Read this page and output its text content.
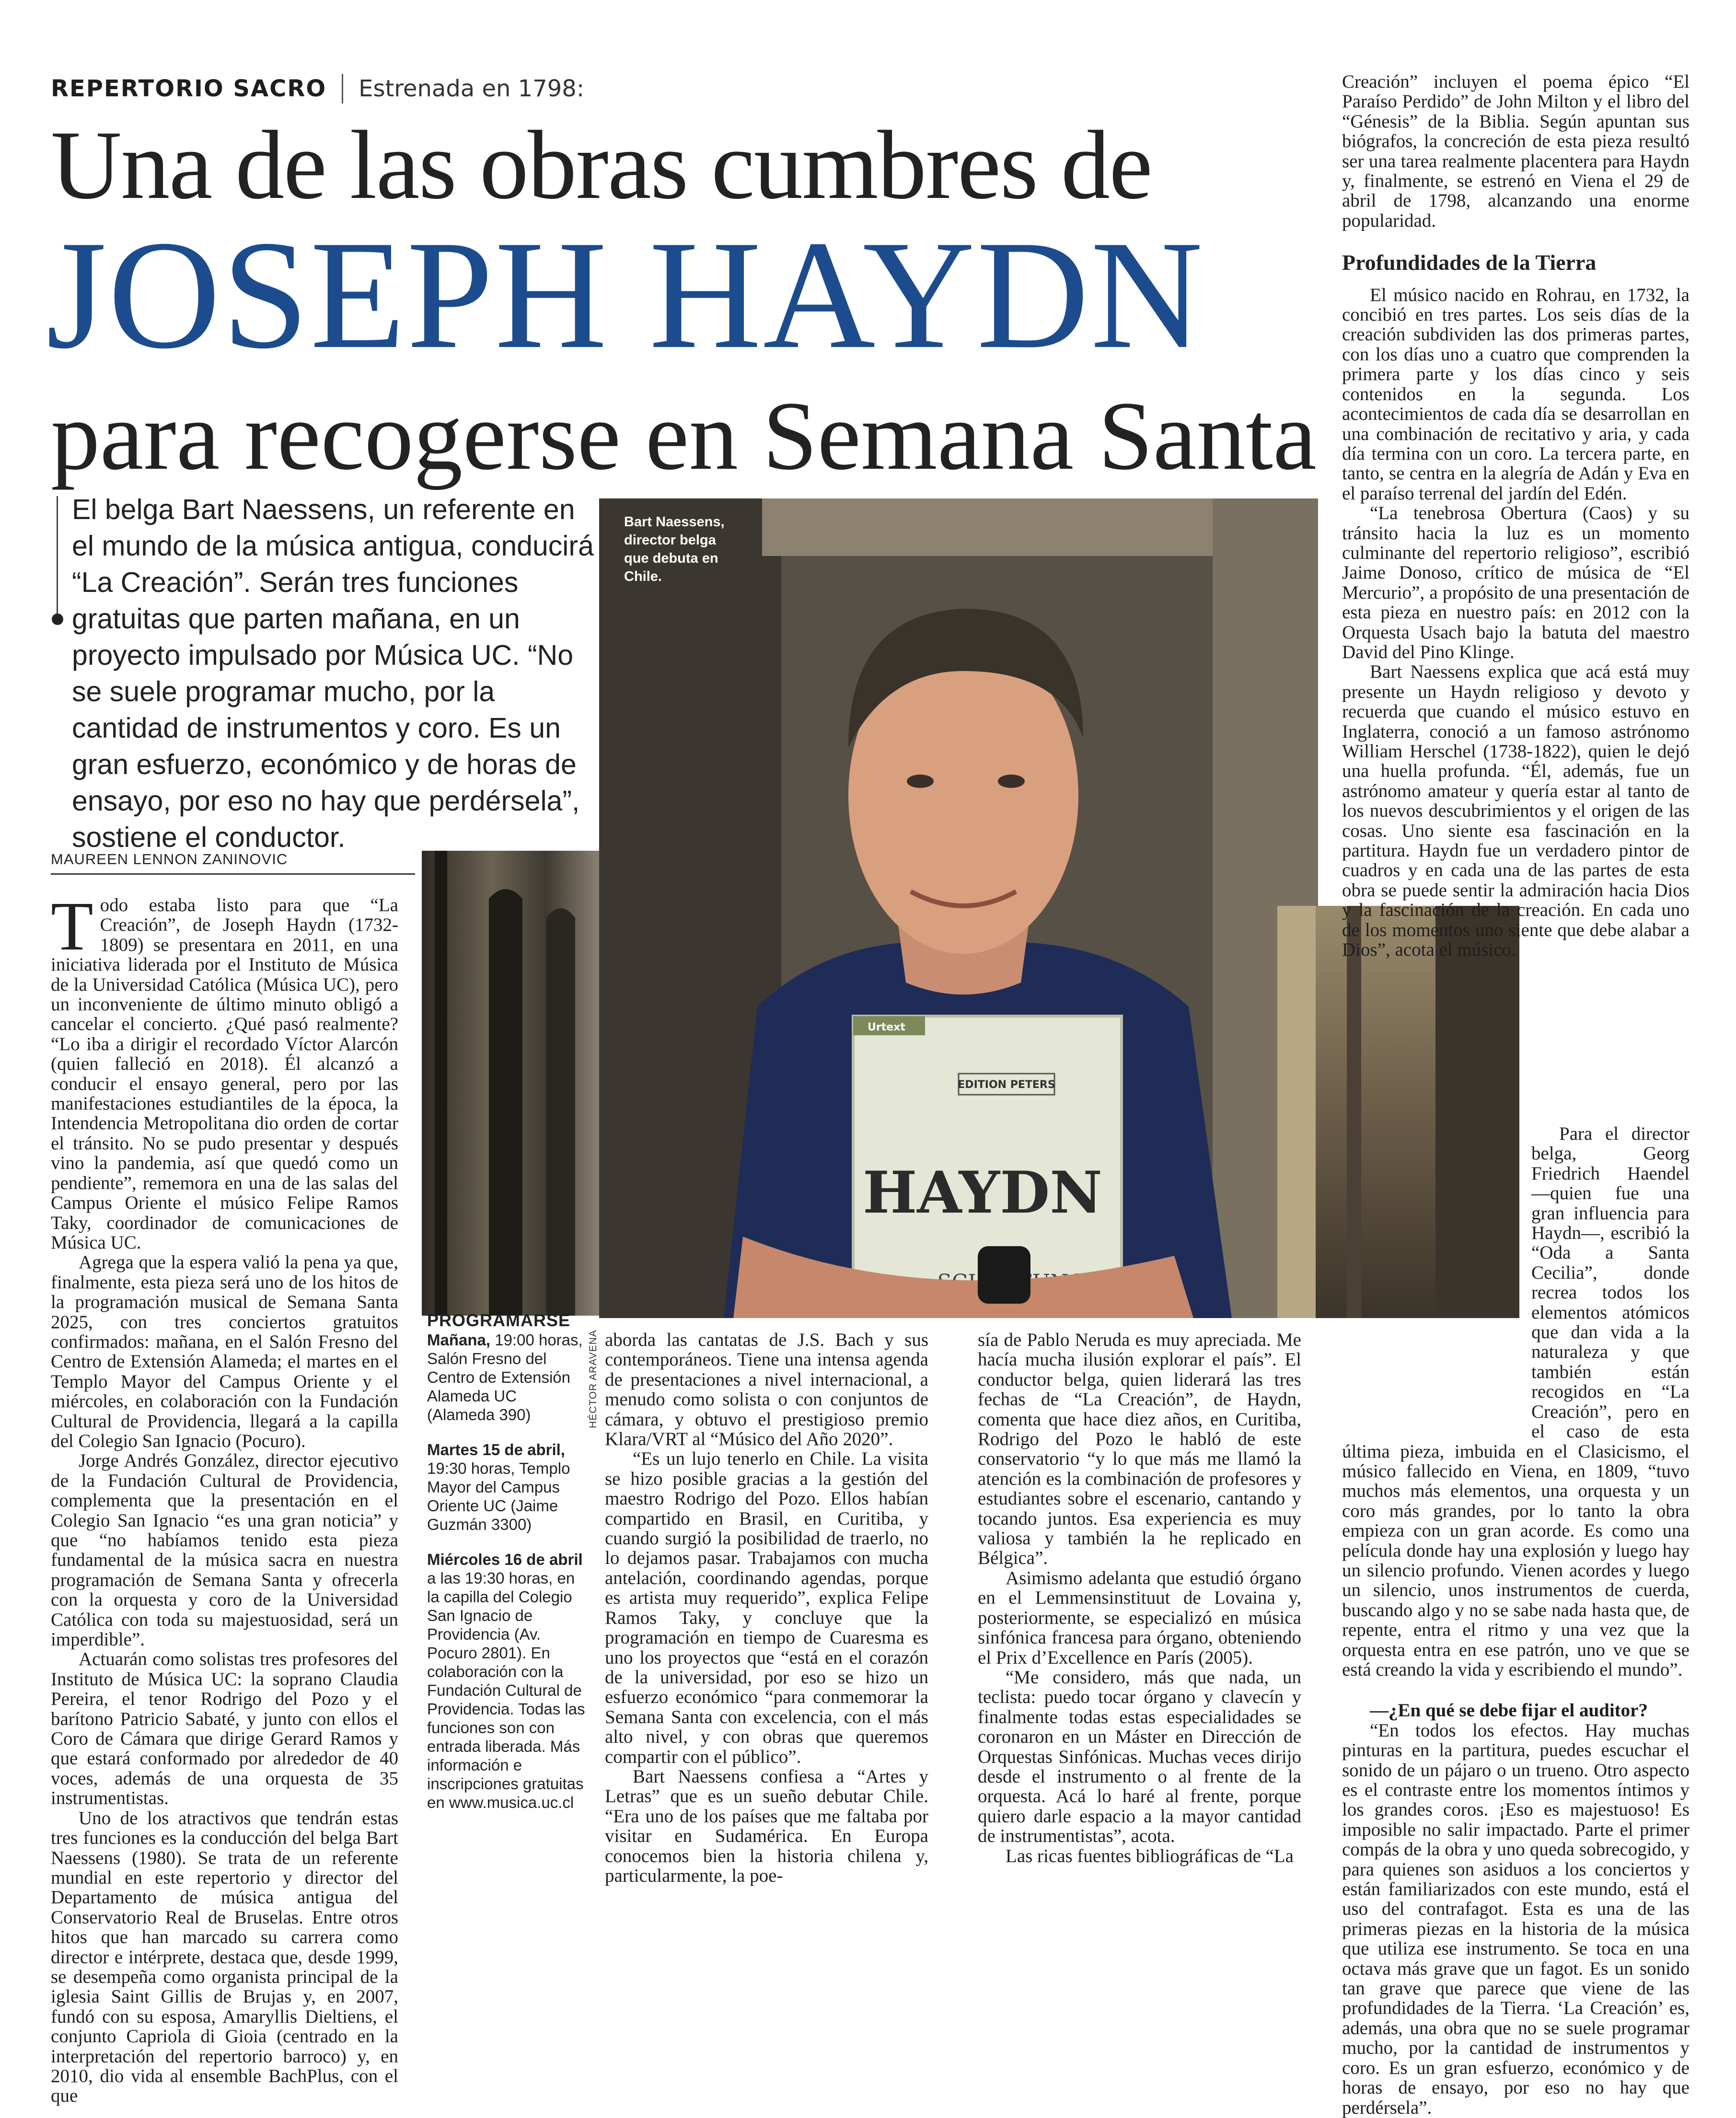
REPERTORIO SACRO Estrenada en 1798:
Una de las obras cumbres de
JOSEPH HAYDN
para recogerse en Semana Santa
El belga Bart Naessens, un referente en el mundo de la música antigua, conducirá “La Creación”. Serán tres funciones gratuitas que parten mañana, en un proyecto impulsado por Música UC. “No se suele programar mucho, por la cantidad de instrumentos y coro. Es un gran esfuerzo, económico y de horas de ensayo, por eso no hay que perdérsela”, sostiene el conductor.
MAUREEN LENNON ZANINOVIC
Urtext
EDITION PETERS
HAYDN
Bart Naessens, director belga que debuta en Chile.
HÉCTOR ARAVENA

Todo estaba listo para que “La Creación”, de Joseph Haydn (1732-1809) se presentara en 2011, en una iniciativa liderada por el Instituto de Música de la Universidad Católica (Música UC), pero un inconveniente de último minuto obligó a cancelar el concierto. ¿Qué pasó realmente? “Lo iba a dirigir el recordado Víctor Alarcón (quien falleció en 2018). Él alcanzó a conducir el ensayo general, pero por las manifestaciones estudiantiles de la época, la Intendencia Metropolitana dio orden de cortar el tránsito. No se pudo presentar y después vino la pandemia, así que quedó como un pendiente”, rememora en una de las salas del Campus Oriente el músico Felipe Ramos Taky, coordinador de comunicaciones de Música UC.

Agrega que la espera valió la pena ya que, finalmente, esta pieza será uno de los hitos de la programación musical de Semana Santa 2025, con tres conciertos gratuitos confirmados: mañana, en el Salón Fresno del Centro de Extensión Alameda; el martes en el Templo Mayor del Campus Oriente y el miércoles, en colaboración con la Fundación Cultural de Providencia, llegará a la capilla del Colegio San Ignacio (Pocuro).

Jorge Andrés González, director ejecutivo de la Fundación Cultural de Providencia, complementa que la presentación en el Colegio San Ignacio “es una gran noticia” y que “no habíamos tenido esta pieza fundamental de la música sacra en nuestra programación de Semana Santa y ofrecerla con la orquesta y coro de la Universidad Católica con toda su majestuosidad, será un imperdible”.

Actuarán como solistas tres profesores del Instituto de Música UC: la soprano Claudia Pereira, el tenor Rodrigo del Pozo y el barítono Patricio Sabaté, y junto con ellos el Coro de Cámara que dirige Gerard Ramos y que estará conformado por alrededor de 40 voces, además de una orquesta de 35 instrumentistas.

Uno de los atractivos que tendrán estas tres funciones es la conducción del belga Bart Naessens (1980). Se trata de un referente mundial en este repertorio y director del Departamento de música antigua del Conservatorio Real de Bruselas. Entre otros hitos que han marcado su carrera como director e intérprete, destaca que, desde 1999, se desempeña como organista principal de la iglesia Saint Gillis de Brujas y, en 2007, fundó con su esposa, Amaryllis Dieltiens, el conjunto Capriola di Gioia (centrado en la interpretación del repertorio barroco) y, en 2010, dio vida al ensemble BachPlus, con el que

PROGRAMARSE
Mañana, 19:00 horas, Salón Fresno del Centro de Extensión Alameda UC (Alameda 390)
Martes 15 de abril, 19:30 horas, Templo Mayor del Campus Oriente UC (Jaime Guzmán 3300)
Miércoles 16 de abril a las 19:30 horas, en la capilla del Colegio San Ignacio de Providencia (Av. Pocuro 2801). En colaboración con la Fundación Cultural de Providencia. Todas las funciones son con entrada liberada. Más información e inscripciones gratuitas en www.musica.uc.cl

aborda las cantatas de J.S. Bach y sus contemporáneos. Tiene una intensa agenda de presentaciones a nivel internacional, a menudo como solista o con conjuntos de cámara, y obtuvo el prestigioso premio Klara/VRT al “Músico del Año 2020”.

“Es un lujo tenerlo en Chile. La visita se hizo posible gracias a la gestión del maestro Rodrigo del Pozo. Ellos habían compartido en Brasil, en Curitiba, y cuando surgió la posibilidad de traerlo, no lo dejamos pasar. Trabajamos con mucha antelación, coordinando agendas, porque es artista muy requerido”, explica Felipe Ramos Taky, y concluye que la programación en tiempo de Cuaresma es uno los proyectos que “está en el corazón de la universidad, por eso se hizo un esfuerzo económico “para conmemorar la Semana Santa con excelencia, con el más alto nivel, y con obras que queremos compartir con el público”.

Bart Naessens confiesa a “Artes y Letras” que es un sueño debutar Chile. “Era uno de los países que me faltaba por visitar en Sudamérica. En Europa conocemos bien la historia chilena y, particularmente, la poe-

sía de Pablo Neruda es muy apreciada. Me hacía mucha ilusión explorar el país”. El conductor belga, quien liderará las tres fechas de “La Creación”, de Haydn, comenta que hace diez años, en Curitiba, Rodrigo del Pozo le habló de este conservatorio “y lo que más me llamó la atención es la combinación de profesores y estudiantes sobre el escenario, cantando y tocando juntos. Esa experiencia es muy valiosa y también la he replicado en Bélgica”.

Asimismo adelanta que estudió órgano en el Lemmensinstituut de Lovaina y, posteriormente, se especializó en música sinfónica francesa para órgano, obteniendo el Prix d’Excellence en París (2005).

“Me considero, más que nada, un teclista: puedo tocar órgano y clavecín y finalmente todas estas especialidades se coronaron en un Máster en Dirección de Orquestas Sinfónicas. Muchas veces dirijo desde el instrumento o al frente de la orquesta. Acá lo haré al frente, porque quiero darle espacio a la mayor cantidad de instrumentistas”, acota.

Las ricas fuentes bibliográficas de “La

Creación” incluyen el poema épico “El Paraíso Perdido” de John Milton y el libro del “Génesis” de la Biblia. Según apuntan sus biógrafos, la concreción de esta pieza resultó ser una tarea realmente placentera para Haydn y, finalmente, se estrenó en Viena el 29 de abril de 1798, alcanzando una enorme popularidad.

Profundidades de la Tierra

El músico nacido en Rohrau, en 1732, la concibió en tres partes. Los seis días de la creación subdividen las dos primeras partes, con los días uno a cuatro que comprenden la primera parte y los días cinco y seis contenidos en la segunda. Los acontecimientos de cada día se desarrollan en una combinación de recitativo y aria, y cada día termina con un coro. La tercera parte, en tanto, se centra en la alegría de Adán y Eva en el paraíso terrenal del jardín del Edén.

“La tenebrosa Obertura (Caos) y su tránsito hacia la luz es un momento culminante del repertorio religioso”, escribió Jaime Donoso, crítico de música de “El Mercurio”, a propósito de una presentación de esta pieza en nuestro país: en 2012 con la Orquesta Usach bajo la batuta del maestro David del Pino Klinge.

Bart Naessens explica que acá está muy presente un Haydn religioso y devoto y recuerda que cuando el músico estuvo en Inglaterra, conoció a un famoso astrónomo William Herschel (1738-1822), quien le dejó una huella profunda. “Él, además, fue un astrónomo amateur y quería estar al tanto de los nuevos descubrimientos y el origen de las cosas. Uno siente esa fascinación en la partitura. Haydn fue un verdadero pintor de cuadros y en cada una de las partes de esta obra se puede sentir la admiración hacia Dios y la fascinación de la creación. En cada uno de los momentos uno siente que debe alabar a Dios”, acota el músico.

Para el director belga, Georg Friedrich Haendel —quien fue una gran influencia para Haydn—, escribió la “Oda a Santa Cecilia”, donde recrea todos los elementos atómicos que dan vida a la naturaleza y que también están recogidos en “La Creación”, pero en el caso de esta última pieza, imbuida en el Clasicismo, el músico fallecido en Viena, en 1809, “tuvo muchos más elementos, una orquesta y un coro más grandes, por lo tanto la obra empieza con un gran acorde. Es como una película donde hay una explosión y luego hay un silencio profundo. Vienen acordes y luego un silencio, unos instrumentos de cuerda, buscando algo y no se sabe nada hasta que, de repente, entra el ritmo y una vez que la orquesta entra en ese patrón, uno ve que se está creando la vida y escribiendo el mundo”.

—¿En qué se debe fijar el auditor?

“En todos los efectos. Hay muchas pinturas en la partitura, puedes escuchar el sonido de un pájaro o un trueno. Otro aspecto es el contraste entre los momentos íntimos y los grandes coros. ¡Eso es majestuoso! Es imposible no salir impactado. Parte el primer compás de la obra y uno queda sobrecogido, y para quienes son asiduos a los conciertos y están familiarizados con este mundo, está el uso del contrafagot. Esta es una de las primeras piezas en la historia de la música que utiliza ese instrumento. Se toca en una octava más grave que un fagot. Es un sonido tan grave que parece que viene de las profundidades de la Tierra. ‘La Creación’ es, además, una obra que no se suele programar mucho, por la cantidad de instrumentos y coro. Es un gran esfuerzo, económico y de horas de ensayo, por eso no hay que perdérsela”.
